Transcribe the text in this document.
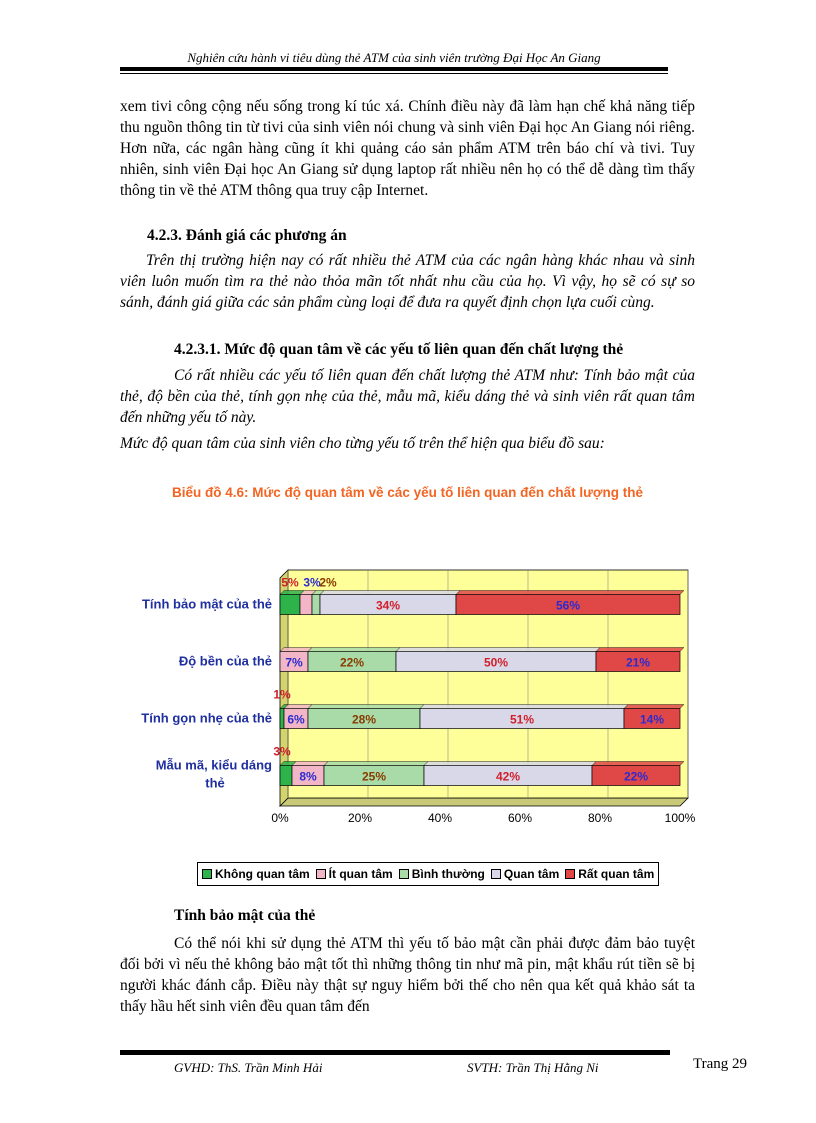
Nghiên cứu hành vi tiêu dùng thẻ ATM của sinh viên trường Đại Học An Giang
xem tivi công cộng nếu sống trong kí túc xá. Chính điều này đã làm hạn chế khả năng tiếp thu nguồn thông tin từ tivi của sinh viên nói chung và sinh viên Đại học An Giang nói riêng. Hơn nữa, các ngân hàng cũng ít khi quảng cáo sản phẩm ATM trên báo chí và tivi. Tuy nhiên, sinh viên Đại học An Giang sử dụng laptop rất nhiều nên họ có thể dễ dàng tìm thấy thông tin về thẻ ATM thông qua truy cập Internet.
4.2.3. Đánh giá các phương án
Trên thị trường hiện nay có rất nhiều thẻ ATM của các ngân hàng khác nhau và sinh viên luôn muốn tìm ra thẻ nào thỏa mãn tốt nhất nhu cầu của họ. Vì vậy, họ sẽ có sự so sánh, đánh giá giữa các sản phẩm cùng loại để đưa ra quyết định chọn lựa cuối cùng.
4.2.3.1. Mức độ quan tâm về các yếu tố liên quan đến chất lượng thẻ
Có rất nhiều các yếu tố liên quan đến chất lượng thẻ ATM như: Tính bảo mật của thẻ, độ bền của thẻ, tính gọn nhẹ của thẻ, mẫu mã, kiểu dáng thẻ và sinh viên rất quan tâm đến những yếu tố này.
Mức độ quan tâm của sinh viên cho từng yếu tố trên thể hiện qua biểu đồ sau:
Biểu đồ 4.6: Mức độ quan tâm về các yếu tố liên quan đến chất lượng thẻ
0%	20%	40%	60%	80%	100%
Tính bảo mật của thẻ
5% 3%
2%
34%	56%
Độ bền của thẻ 7%	22%	50%	21%
Tính gọn nhẹ của thẻ
1%
6%	28%	51%	14%
Mẫu mã, kiểu dáng
thẻ
3%
8%	25%	42%	22%
Không quan tâm Ít quan tâm Bình thường Quan tâm Rất quan tâm
Tính bảo mật của thẻ
Có thể nói khi sử dụng thẻ ATM thì yếu tố bảo mật cần phải được đảm bảo tuyệt đối bởi vì nếu thẻ không bảo mật tốt thì những thông tin như mã pin, mật khẩu rút tiền sẽ bị người khác đánh cắp. Điều này thật sự nguy hiểm bởi thế cho nên qua kết quả khảo sát ta thấy hầu hết sinh viên đều quan tâm đến
GVHD: ThS. Trần Minh Hải	SVTH: Trần Thị Hằng Ni	Trang 29
